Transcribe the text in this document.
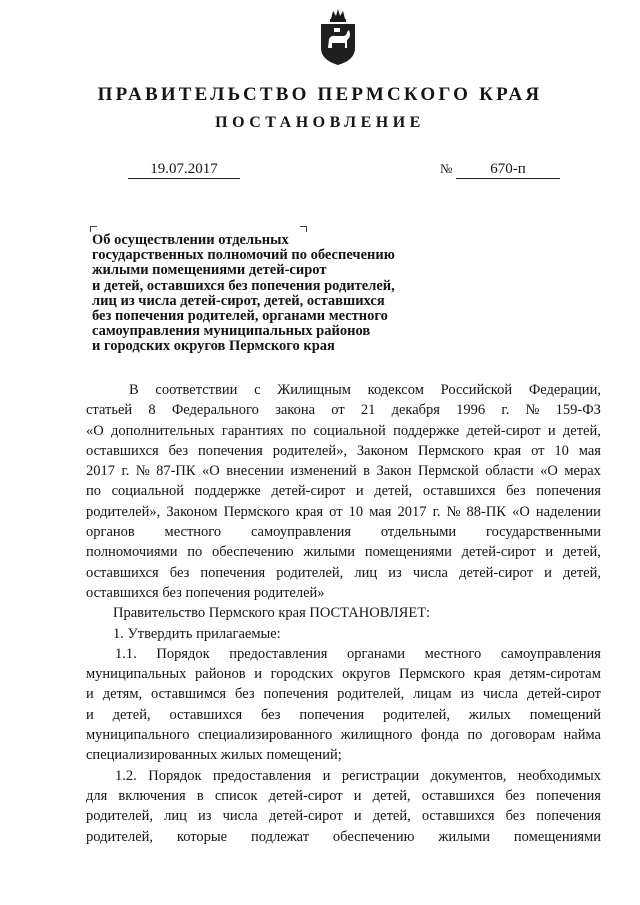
ПРАВИТЕЛЬСТВО ПЕРМСКОГО КРАЯ
ПОСТАНОВЛЕНИЕ
19.07.2017	№	670-п
Об осуществлении отдельных
государственных полномочий по обеспечению
жилыми помещениями детей-сирот
и детей, оставшихся без попечения родителей,
лиц из числа детей-сирот, детей, оставшихся
без попечения родителей, органами местного
самоуправления муниципальных районов
и городских округов Пермского края
В соответствии с Жилищным кодексом Российской Федерации,
статьей 8 Федерального закона от 21 декабря 1996 г. № 159-ФЗ
«О дополнительных гарантиях по социальной поддержке детей-сирот и детей,
оставшихся без попечения родителей», Законом Пермского края от 10 мая
2017 г. № 87-ПК «О внесении изменений в Закон Пермской области «О мерах
по социальной поддержке детей-сирот и детей, оставшихся без попечения
родителей», Законом Пермского края от 10 мая 2017 г. № 88-ПК «О наделении
органов местного самоуправления отдельными государственными
полномочиями по обеспечению жилыми помещениями детей-сирот и детей,
оставшихся без попечения родителей, лиц из числа детей-сирот и детей,
оставшихся без попечения родителей»
Правительство Пермского края ПОСТАНОВЛЯЕТ:
1. Утвердить прилагаемые:
1.1. Порядок предоставления органами местного самоуправления
муниципальных районов и городских округов Пермского края детям-сиротам
и детям, оставшимся без попечения родителей, лицам из числа детей-сирот
и детей, оставшихся без попечения родителей, жилых помещений
муниципального специализированного жилищного фонда по договорам найма
специализированных жилых помещений;
1.2. Порядок предоставления и регистрации документов, необходимых
для включения в список детей-сирот и детей, оставшихся без попечения
родителей, лиц из числа детей-сирот и детей, оставшихся без попечения
родителей, которые подлежат обеспечению жилыми помещениями
